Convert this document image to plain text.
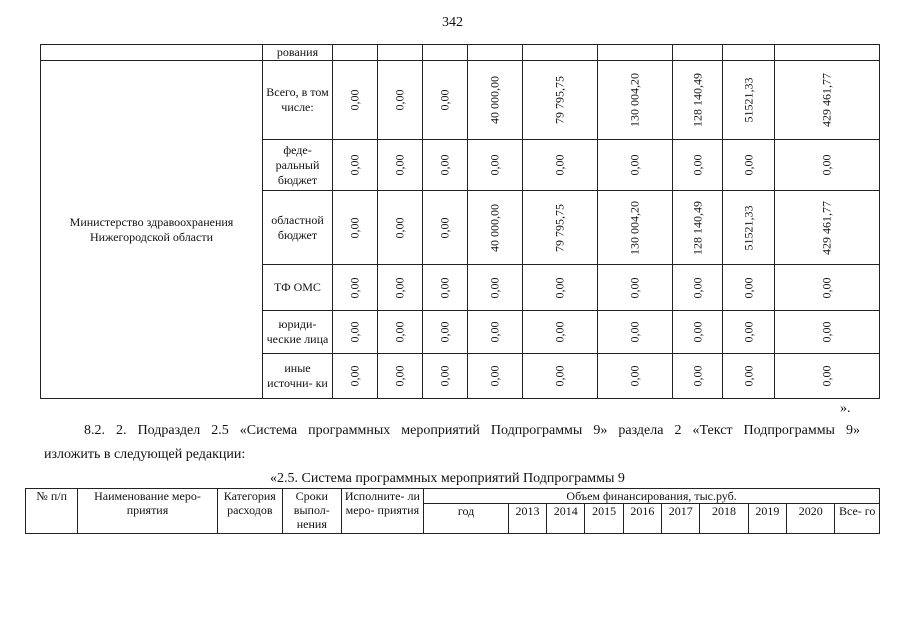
342
	рования									
Министерство здравоохранения Нижегородской области	Всего, в том числе:	0,00	0,00	0,00	40 000,00	79 795,75	130 004,20	128 140,49	51521,33	429 461,77

	феде- ральный бюджет	0,00	0,00	0,00	0,00	0,00	0,00	0,00	0,00	0,00

	областной бюджет	0,00	0,00	0,00	40 000,00	79 795,75	130 004,20	128 140,49	51521,33	429 461,77

	ТФ ОМС	0,00	0,00	0,00	0,00	0,00	0,00	0,00	0,00	0,00

	юриди- ческие лица	0,00	0,00	0,00	0,00	0,00	0,00	0,00	0,00	0,00

	иные источни- ки	0,00	0,00	0,00	0,00	0,00	0,00	0,00	0,00	0,00
».
8.2. 2. Подраздел 2.5 «Система программных мероприятий Подпрограммы 9» раздела 2 «Текст Подпрограммы 9»
изложить в следующей редакции:
«2.5. Система программных мероприятий Подпрограммы 9
№ п/п	Наименование меро- приятия	Категория расходов	Сроки выпол- нения	Исполните- ли меро- приятия	Объем финансирования, тыс.руб.									
					год	2013	2014	2015	2016	2017	2018	2019	2020	Все- го
